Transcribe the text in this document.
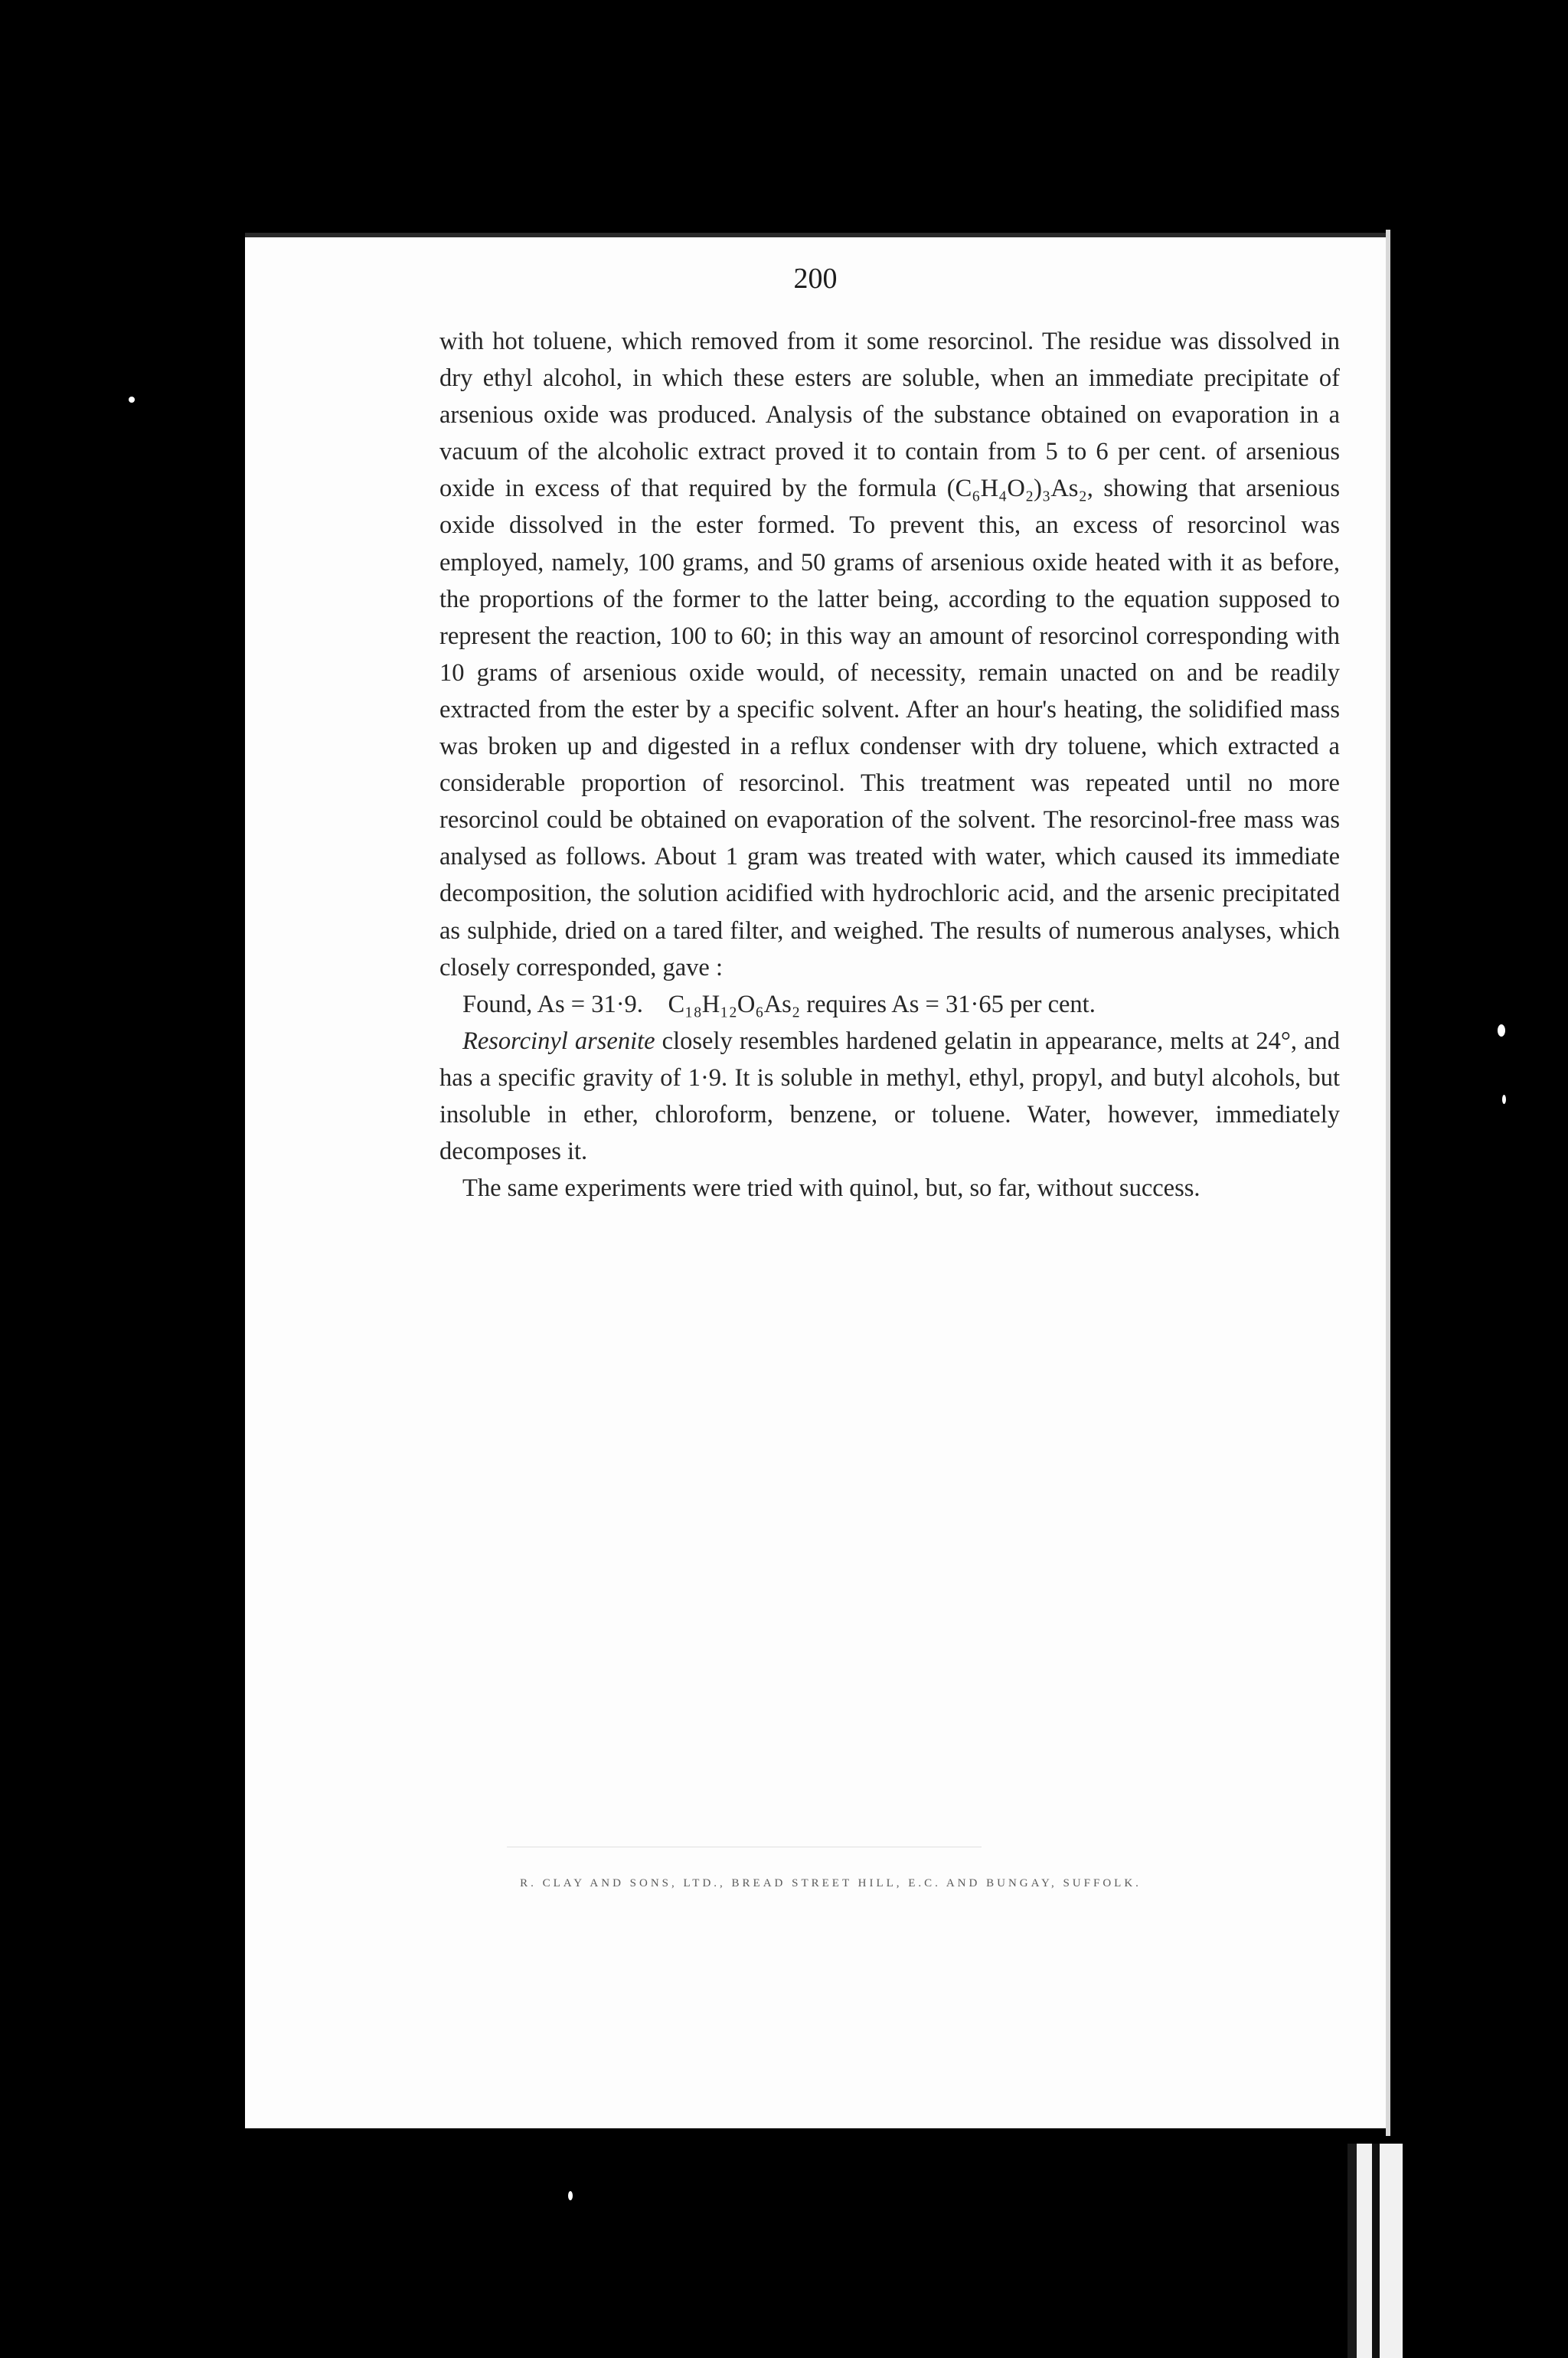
200

with hot toluene, which removed from it some resorcinol. The residue was dissolved in dry ethyl alcohol, in which these esters are soluble, when an immediate precipitate of arsenious oxide was produced. Analysis of the substance obtained on evaporation in a vacuum of the alcoholic extract proved it to contain from 5 to 6 per cent. of arsenious oxide in excess of that required by the formula (C₆H₄O₂)₃As₂, showing that arsenious oxide dissolved in the ester formed. To prevent this, an excess of resorcinol was employed, namely, 100 grams, and 50 grams of arsenious oxide heated with it as before, the proportions of the former to the latter being, according to the equation supposed to represent the reaction, 100 to 60; in this way an amount of resorcinol corresponding with 10 grams of arsenious oxide would, of necessity, remain unacted on and be readily extracted from the ester by a specific solvent. After an hour's heating, the solidified mass was broken up and digested in a reflux condenser with dry toluene, which extracted a considerable proportion of resorcinol. This treatment was repeated until no more resorcinol could be obtained on evaporation of the solvent. The resorcinol-free mass was analysed as follows. About 1 gram was treated with water, which caused its immediate decomposition, the solution acidified with hydrochloric acid, and the arsenic precipitated as sulphide, dried on a tared filter, and weighed. The results of numerous analyses, which closely corresponded, gave :

Found, As = 31·9.  C₁₈H₁₂O₆As₂ requires As = 31·65 per cent.

Resorcinyl arsenite closely resembles hardened gelatin in appearance, melts at 24°, and has a specific gravity of 1·9. It is soluble in methyl, ethyl, propyl, and butyl alcohols, but insoluble in ether, chloroform, benzene, or toluene. Water, however, immediately decomposes it.

The same experiments were tried with quinol, but, so far, without success.

R. CLAY AND SONS, LTD., BREAD STREET HILL, E.C. AND BUNGAY, SUFFOLK.
